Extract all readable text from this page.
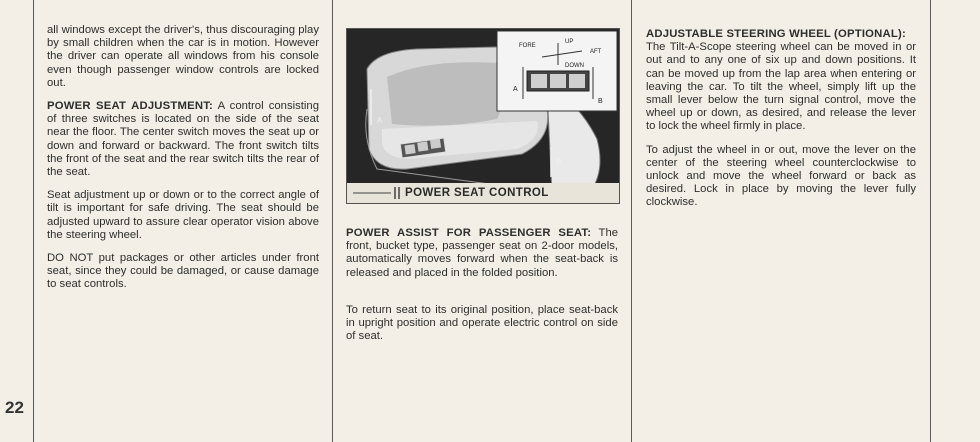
22

all windows except the driver's, thus discouraging play by small children when the car is in motion. However the driver can operate all windows from his console even though passenger window controls are locked out.

POWER SEAT ADJUSTMENT: A control consisting of three switches is located on the side of the seat near the floor. The center switch moves the seat up or down and forward or backward. The front switch tilts the front of the seat and the rear switch tilts the rear of the seat.

Seat adjustment up or down or to the correct angle of tilt is important for safe driving. The seat should be adjusted upward to assure clear operator vision above the steering wheel.

DO NOT put packages or other articles under front seat, since they could be damaged, or cause damage to seat controls.

A
B
FORE
UP
AFT
DOWN
A
B
POWER SEAT CONTROL

POWER ASSIST FOR PASSENGER SEAT: The front, bucket type, passenger seat on 2-door models, automatically moves forward when the seat-back is released and placed in the folded position.

To return seat to its original position, place seat-back in upright position and operate electric control on side of seat.

ADJUSTABLE STEERING WHEEL (OPTIONAL):
The Tilt-A-Scope steering wheel can be moved in or out and to any one of six up and down positions. It can be moved up from the lap area when entering or leaving the car. To tilt the wheel, simply lift up the small lever below the turn signal control, move the wheel up or down, as desired, and release the lever to lock the wheel firmly in place.

To adjust the wheel in or out, move the lever on the center of the steering wheel counterclockwise to unlock and move the wheel forward or back as desired. Lock in place by moving the lever fully clockwise.
